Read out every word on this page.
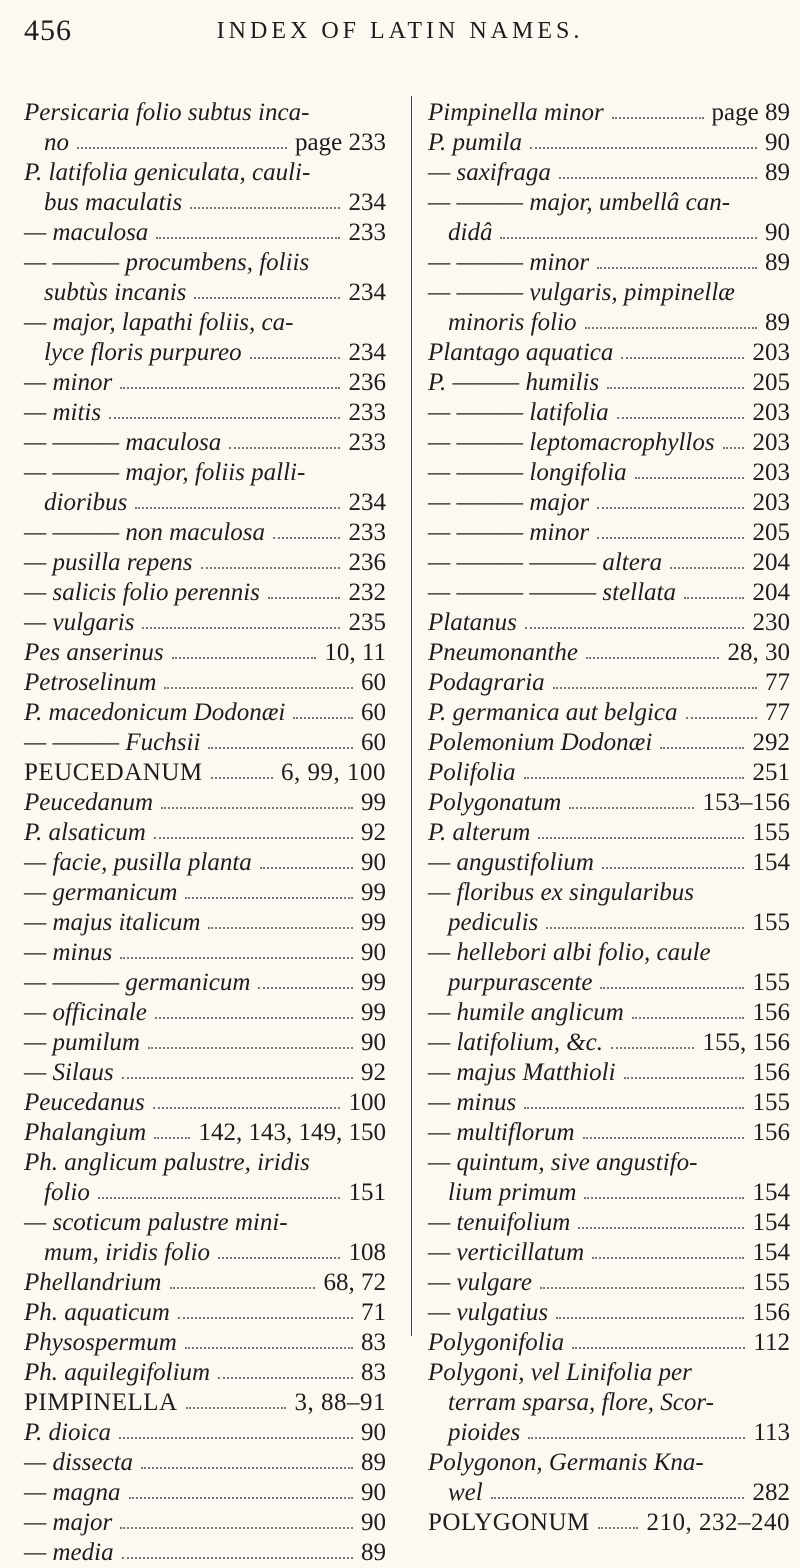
456	INDEX OF LATIN NAMES.
Persicaria folio subtus inca-
no	page 233
P. latifolia geniculata, cauli-
bus maculatis	234
— maculosa	233
— ——— procumbens, foliis
subtùs incanis	234
— major, lapathi foliis, ca-
lyce floris purpureo	234
— minor	236
— mitis	233
— ——— maculosa	233
— ——— major, foliis palli-
dioribus	234
— ——— non maculosa	233
— pusilla repens	236
— salicis folio perennis	232
— vulgaris	235
Pes anserinus	10, 11
Petroselinum	60
P. macedonicum Dodonæi	60
— ——— Fuchsii	60
PEUCEDANUM	6, 99, 100
Peucedanum	99
P. alsaticum	92
— facie, pusilla planta	90
— germanicum	99
— majus italicum	99
— minus	90
— ——— germanicum	99
— officinale	99
— pumilum	90
— Silaus	92
Peucedanus	100
Phalangium 142, 143, 149, 150
Ph. anglicum palustre, iridis
folio	151
— scoticum palustre mini-
mum, iridis folio	108
Phellandrium	68, 72
Ph. aquaticum	71
Physospermum	83
Ph. aquilegifolium	83
PIMPINELLA	3, 88–91
P. dioica	90
— dissecta	89
— magna	90
— major	90
— media	89
Pimpinella minor	page 89
P. pumila	90
— saxifraga	89
— ——— major, umbellâ can-
didâ	90
— ——— minor	89
— ——— vulgaris, pimpinellæ
minoris folio	89
Plantago aquatica	203
P. ——— humilis	205
— ——— latifolia	203
— ——— leptomacrophyllos 203
— ——— longifolia	203
— ——— major	203
— ——— minor	205
— ——— ——— altera	204
— ——— ——— stellata	204
Platanus	230
Pneumonanthe	28, 30
Podagraria	77
P. germanica aut belgica	77
Polemonium Dodonæi	292
Polifolia	251
Polygonatum	153–156
P. alterum	155
— angustifolium	154
— floribus ex singularibus
pediculis	155
— hellebori albi folio, caule
purpurascente	155
— humile anglicum	156
— latifolium, &c.	155, 156
— majus Matthioli	156
— minus	155
— multiflorum	156
— quintum, sive angustifo-
lium primum	154
— tenuifolium	154
— verticillatum	154
— vulgare	155
— vulgatius	156
Polygonifolia	112
Polygoni, vel Linifolia per
terram sparsa, flore, Scor-
pioides	113
Polygonon, Germanis Kna-
wel	282
POLYGONUM 210, 232–240
